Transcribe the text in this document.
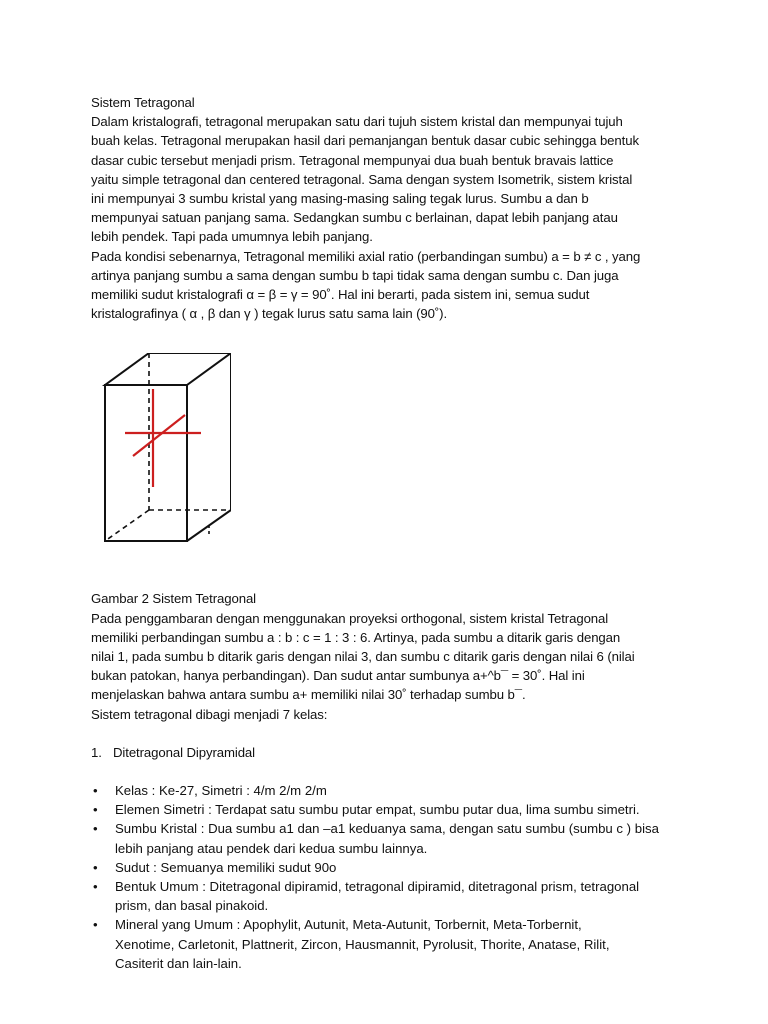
Sistem Tetragonal
Dalam kristalografi, tetragonal merupakan satu dari tujuh sistem kristal dan mempunyai tujuh
buah kelas. Tetragonal merupakan hasil dari pemanjangan bentuk dasar cubic sehingga bentuk
dasar cubic tersebut menjadi prism. Tetragonal mempunyai dua buah bentuk bravais lattice
yaitu simple tetragonal dan centered tetragonal. Sama dengan system Isometrik, sistem kristal
ini mempunyai 3 sumbu kristal yang masing-masing saling tegak lurus. Sumbu a dan b
mempunyai satuan panjang sama. Sedangkan sumbu c berlainan, dapat lebih panjang atau
lebih pendek. Tapi pada umumnya lebih panjang.
Pada kondisi sebenarnya, Tetragonal memiliki axial ratio (perbandingan sumbu) a = b ≠ c , yang
artinya panjang sumbu a sama dengan sumbu b tapi tidak sama dengan sumbu c. Dan juga
memiliki sudut kristalografi α = β = γ = 90˚. Hal ini berarti, pada sistem ini, semua sudut
kristalografinya ( α , β dan γ ) tegak lurus satu sama lain (90˚).
Gambar 2 Sistem Tetragonal
Pada penggambaran dengan menggunakan proyeksi orthogonal, sistem kristal Tetragonal
memiliki perbandingan sumbu a : b : c = 1 : 3 : 6. Artinya, pada sumbu a ditarik garis dengan
nilai 1, pada sumbu b ditarik garis dengan nilai 3, dan sumbu c ditarik garis dengan nilai 6 (nilai
bukan patokan, hanya perbandingan). Dan sudut antar sumbunya a+^b¯ = 30˚. Hal ini
menjelaskan bahwa antara sumbu a+ memiliki nilai 30˚ terhadap sumbu b¯.
Sistem tetragonal dibagi menjadi 7 kelas:
1. Ditetragonal Dipyramidal
•	Kelas : Ke-27, Simetri : 4/m 2/m 2/m
•	Elemen Simetri : Terdapat satu sumbu putar empat, sumbu putar dua, lima sumbu simetri.
•	Sumbu Kristal : Dua sumbu a1 dan –a1 keduanya sama, dengan satu sumbu (sumbu c ) bisa
lebih panjang atau pendek dari kedua sumbu lainnya.
•	Sudut : Semuanya memiliki sudut 90o
•	Bentuk Umum : Ditetragonal dipiramid, tetragonal dipiramid, ditetragonal prism, tetragonal
prism, dan basal pinakoid.
•	Mineral yang Umum : Apophylit, Autunit, Meta-Autunit, Torbernit, Meta-Torbernit,
Xenotime, Carletonit, Plattnerit, Zircon, Hausmannit, Pyrolusit, Thorite, Anatase, Rilit,
Casiterit dan lain-lain.
